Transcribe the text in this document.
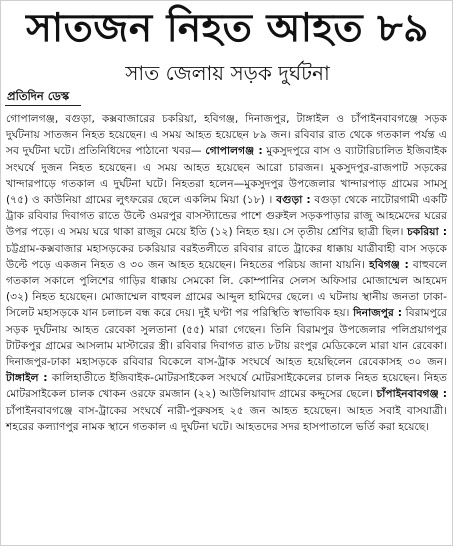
সাতজন নিহত আহত ৮৯
সাত জেলায় সড়ক দুর্ঘটনা
প্রতিদিন ডেস্ক

গোপালগঞ্জ, বগুড়া, কক্সবাজারের চকরিয়া, হবিগঞ্জ, দিনাজপুর, টাঙ্গাইল ও চাঁপাইনবাবগঞ্জে সড়ক দুর্ঘটনায় সাতজন নিহত হয়েছেন। এ সময় আহত হয়েছেন ৮৯ জন। রবিবার রাত থেকে গতকাল পর্যন্ত এ সব দুর্ঘটনা ঘটে। প্রতিনিধিদের পাঠানো খবর— গোপালগঞ্জ : মুকসুদপুরে বাস ও ব্যাটারিচালিত ইজিবাইক সংঘর্ষে দুজন নিহত হয়েছেন। এ সময় আহত হয়েছেন আরো চারজন। মুকসুদপুর-রাজপাট সড়কের খান্দারপাড়ে গতকাল এ দুর্ঘটনা ঘটে। নিহতরা হলেন—মুকসুদপুর উপজেলার খান্দারপাড় গ্রামের সামসু (৭৫) ও কাউনিয়া গ্রামের লুৎফরের ছেলে একলিম মিয়া (১৮) । বগুড়া : বগুড়া থেকে নাটোরগামী একটি ট্রাক রবিবার দিবাগত রাতে উল্টে ওমরপুর বাসস্ট্যান্ডের পাশে গুরুইল সড়কপাড়ার রাজু আহমেদের ঘরের উপর পড়ে। এ সময় ঘরে থাকা রাজুর মেয়ে ইতি (১২) নিহত হয়। সে তৃতীয় শ্রেণির ছাত্রী ছিল। চকরিয়া : চট্টগ্রাম-কক্সবাজার মহাসড়কের চকরিয়ার বরইতলীতে রবিবার রাতে ট্রাকের ধাক্কায় যাত্রীবাহী বাস সড়কে উল্টে পড়ে একজন নিহত ও ৩০ জন আহত হয়েছেন। নিহতের পরিচয় জানা যায়নি। হবিগঞ্জ : বাহুবলে গতকাল সকালে পুলিশের গাড়ির ধাক্কায় সেমকো লি. কোম্পানির সেলস অফিসার মোজাম্মেল আহমেদ (৩২) নিহত হয়েছেন। মোজাম্মেল বাহুবল গ্রামের আব্দুল হামিদের ছেলে। এ ঘটনায় স্থানীয় জনতা ঢাকা-সিলেট মহাসড়কে যান চলাচল বন্ধ করে দেয়। দুই ঘণ্টা পর পরিস্থিতি স্বাভাবিক হয়। দিনাজপুর : বিরামপুরে সড়ক দুর্ঘটনায় আহত রেবেকা সুলতানা (৫৫) মারা গেছেন। তিনি বিরামপুর উপজেলার পলিপ্রয়াগপুর টাটকপুর গ্রামের আসলাম মাস্টারের স্ত্রী। রবিবার দিবাগত রাত ৮টায় রংপুর মেডিকেলে মারা যান রেবেকা। দিনাজপুর-ঢাকা মহাসড়কে রবিবার বিকেলে বাস-ট্রাক সংঘর্ষে আহত হয়েছিলেন রেবেকাসহ ৩০ জন। টাঙ্গাইল : কালিহাতীতে ইজিবাইক-মোটরসাইকেল সংঘর্ষে মোটরসাইকেলের চালক নিহত হয়েছেন। নিহত মোটরসাইকেল চালক খোকন ওরফে রমজান (২২) আউলিয়াবাদ গ্রামের কদ্দুসের ছেলে। চাঁপাইনবাবগঞ্জ : চাঁপাইনবাবগঞ্জে বাস-ট্রাকের সংঘর্ষে নারী-পুরুষসহ ২৫ জন আহত হয়েছেন। আহত সবাই বাসযাত্রী। শহরের কল্যাণপুর নামক স্থানে গতকাল এ দুর্ঘটনা ঘটে। আহতদের সদর হাসপাতালে ভর্তি করা হয়েছে।
